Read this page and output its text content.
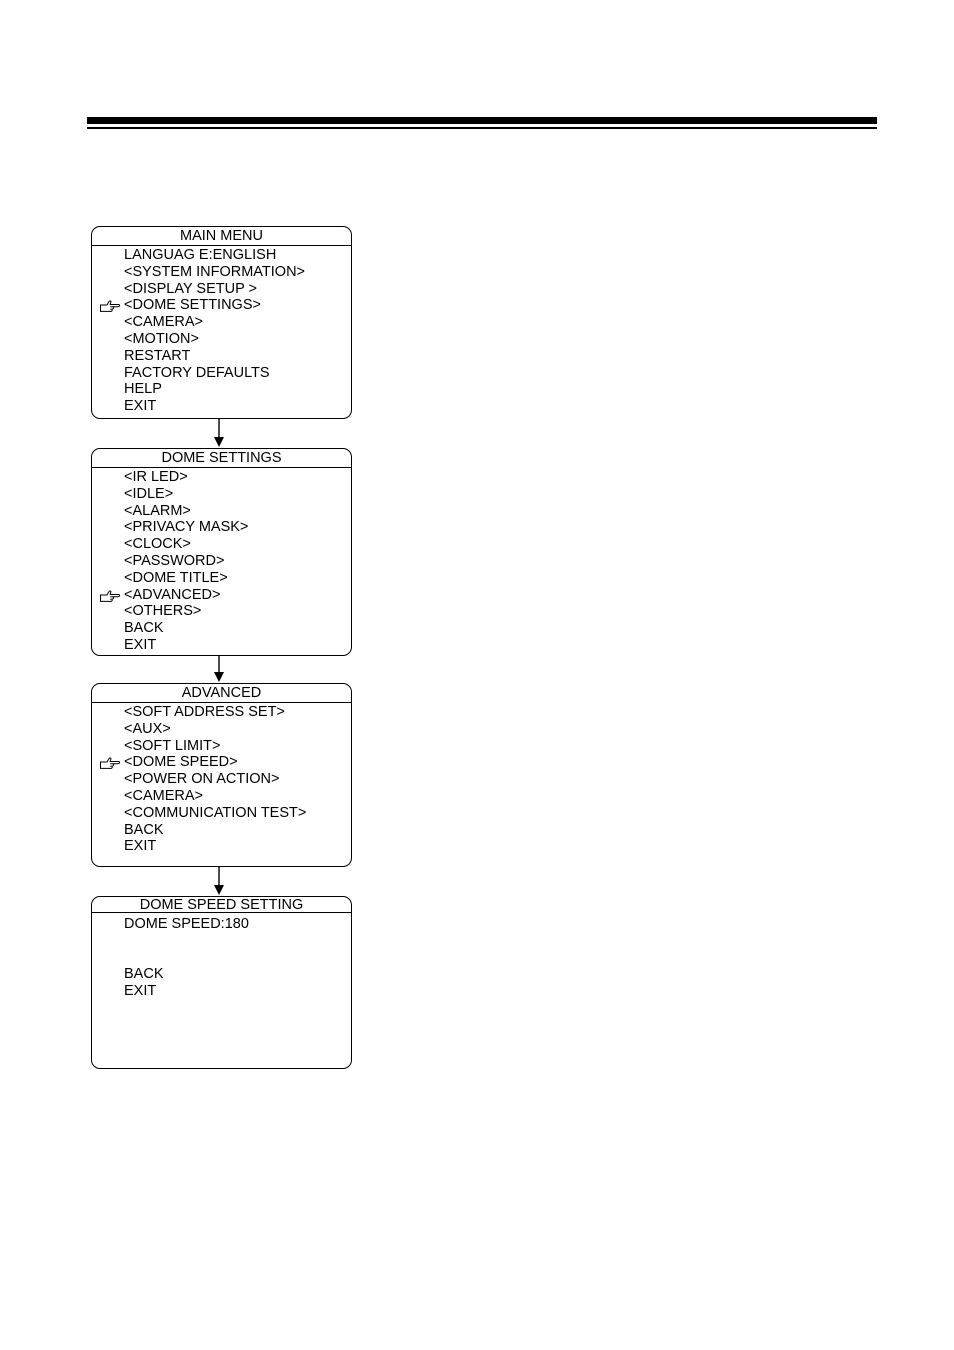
MAIN MENU
LANGUAG E:ENGLISH
<SYSTEM INFORMATION>
<DISPLAY SETUP >
<DOME SETTINGS>
<CAMERA>
<MOTION>
RESTART
FACTORY DEFAULTS
HELP
EXIT
DOME SETTINGS
<IR LED>
<IDLE>
<ALARM>
<PRIVACY MASK>
<CLOCK>
<PASSWORD>
<DOME TITLE>
<ADVANCED>
<OTHERS>
BACK
EXIT
ADVANCED
<SOFT ADDRESS SET>
<AUX>
<SOFT LIMIT>
<DOME SPEED>
<POWER ON ACTION>
<CAMERA>
<COMMUNICATION TEST>
BACK
EXIT
DOME SPEED SETTING
DOME SPEED:180
BACK
EXIT
